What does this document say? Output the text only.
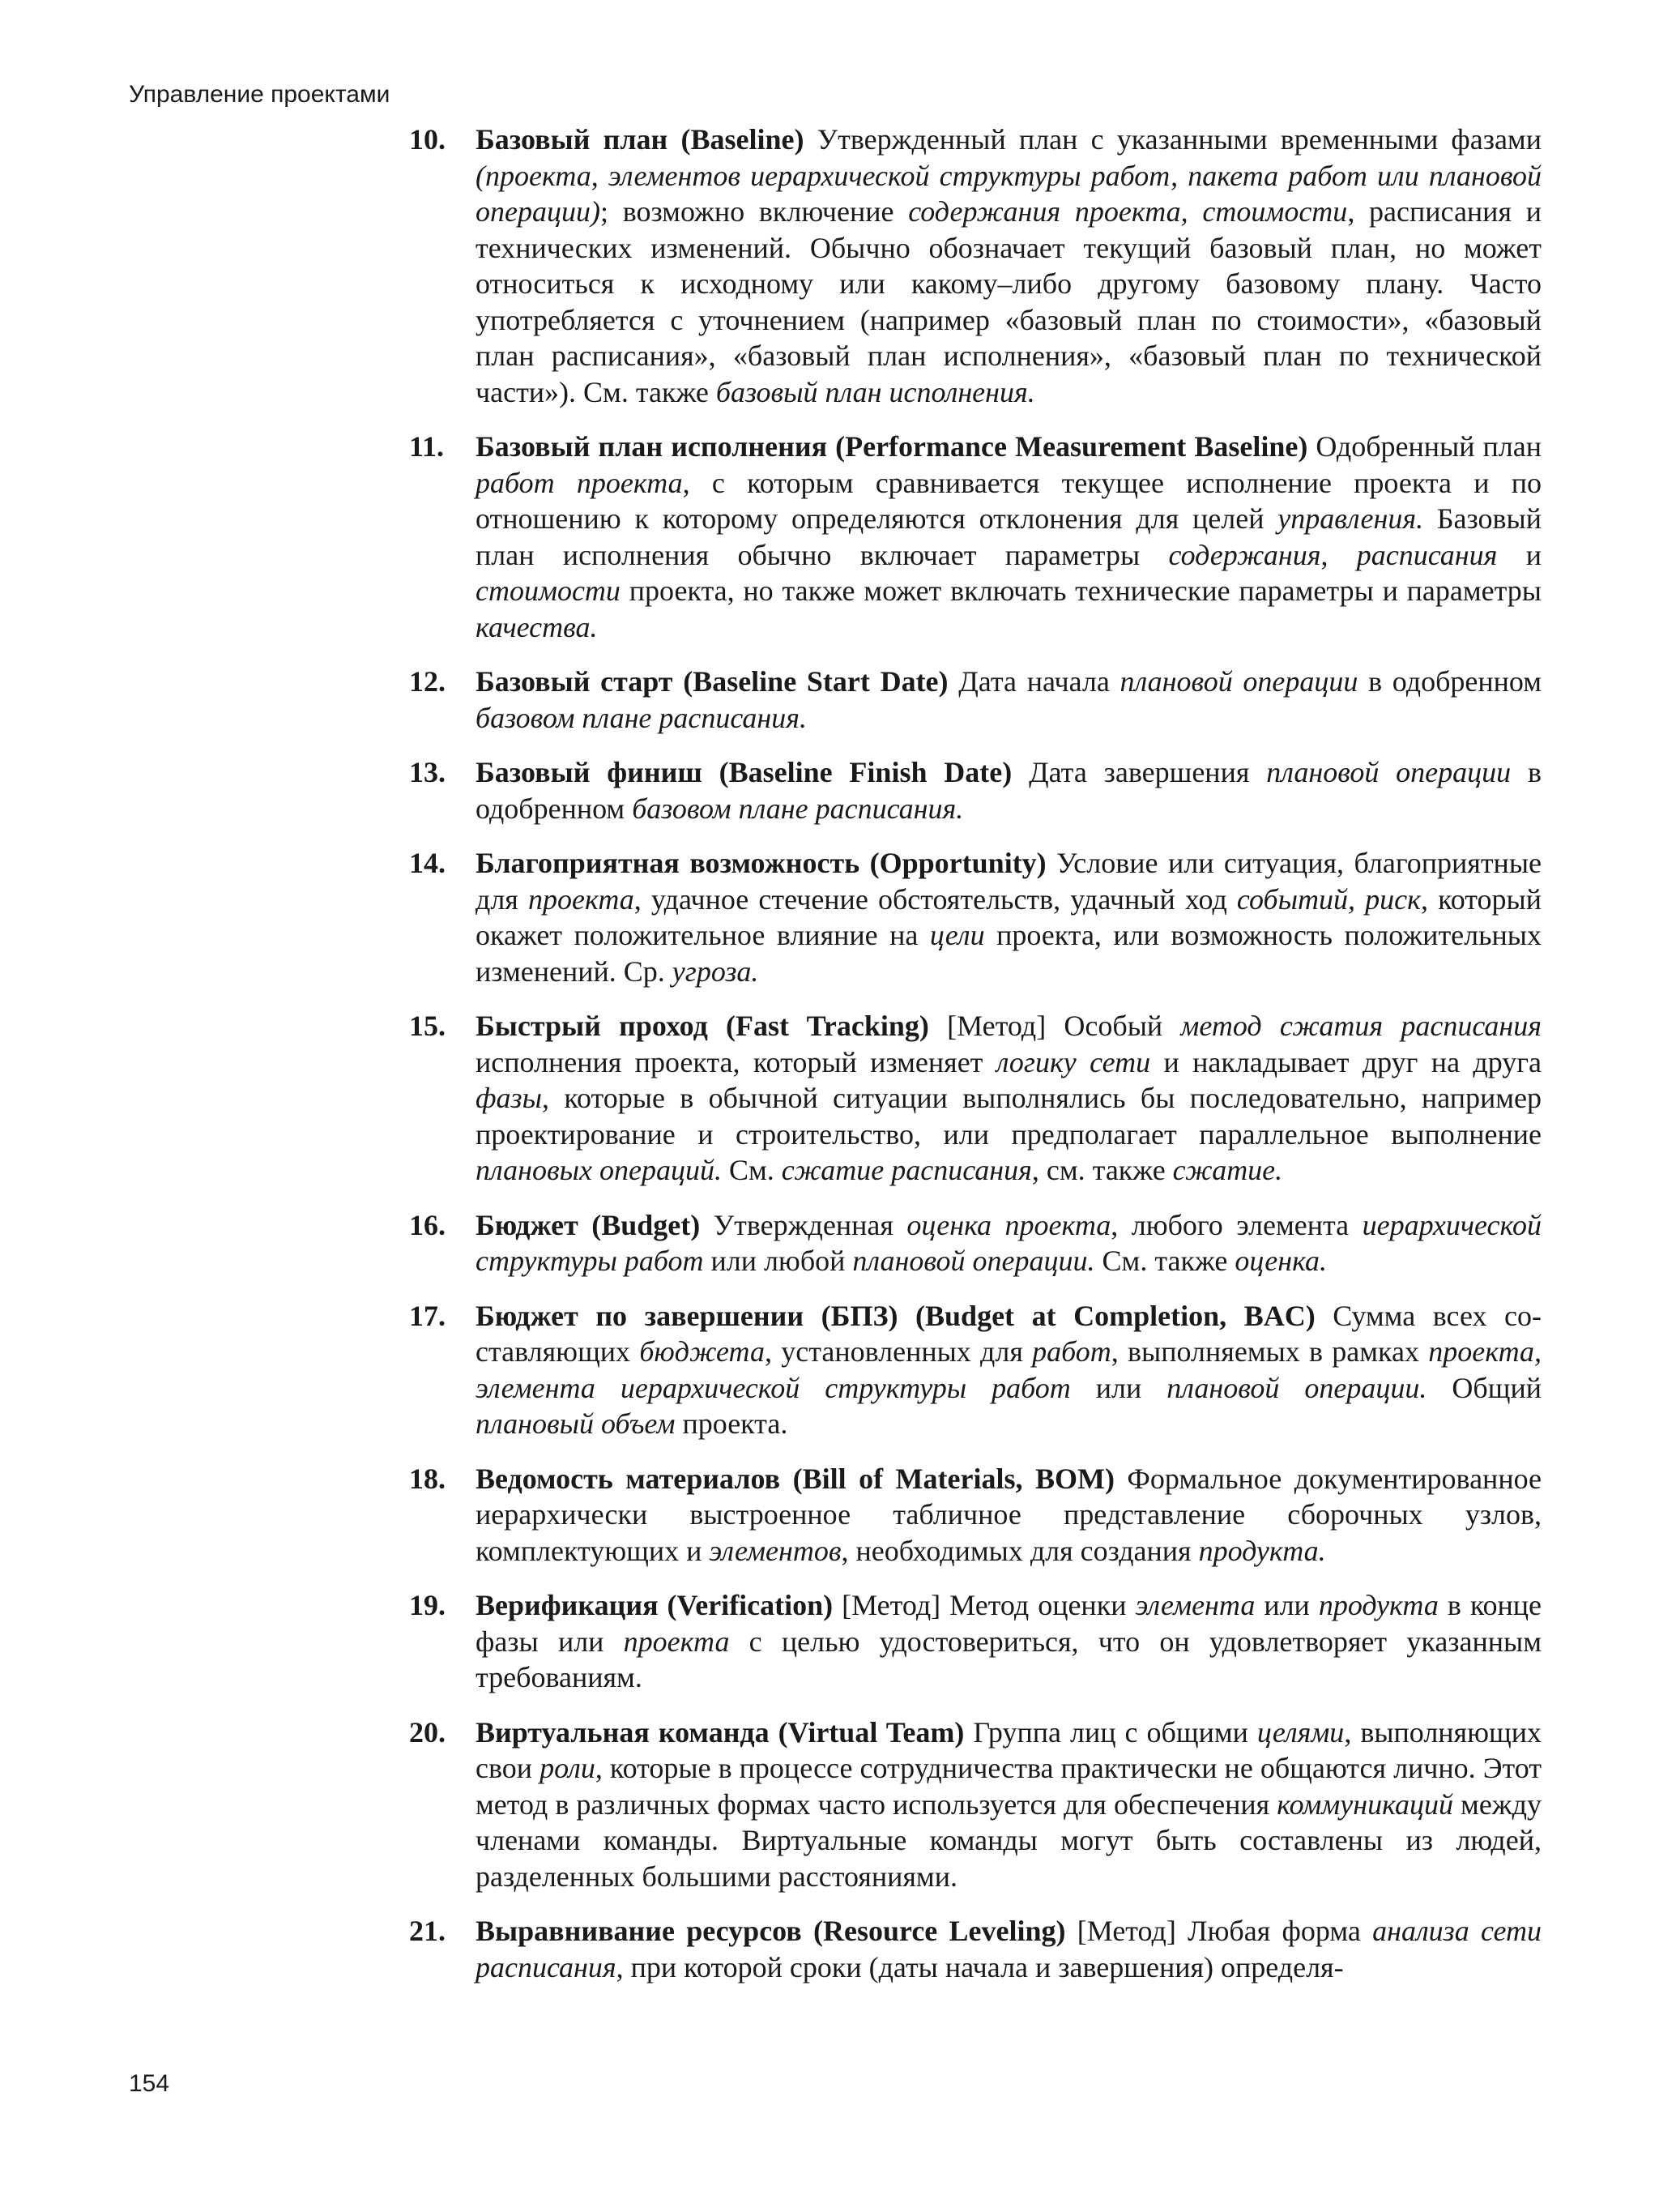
Управление проектами
10.	Базовый план (Baseline) Утвержденный план с указанными временными фазами (проекта, элементов иерархической структуры работ, пакета работ или плановой операции); возможно включение содержания проекта, стоимости, расписания и технических изменений. Обычно обозначает текущий базовый план, но может относиться к исходному или какому–либо другому базовому плану. Часто употребляется с уточнением (например «базовый план по стоимости», «базовый план расписания», «базовый план исполнения», «базовый план по технической части»). См. также базовый план исполнения.
11.	Базовый план исполнения (Performance Measurement Baseline) Одобренный план работ проекта, с которым сравнивается текущее исполнение проекта и по отношению к которому определяются отклонения для целей управления. Базовый план исполнения обычно включает параметры содержания, расписания и стоимости проекта, но также может включать технические параметры и параметры качества.
12.	Базовый старт (Baseline Start Date) Дата начала плановой операции в одобренном базовом плане расписания.
13.	Базовый финиш (Baseline Finish Date) Дата завершения плановой операции в одобренном базовом плане расписания.
14.	Благоприятная возможность (Opportunity) Условие или ситуация, благоприятные для проекта, удачное стечение обстоятельств, удачный ход событий, риск, который окажет положительное влияние на цели проекта, или возможность положительных изменений. Ср. угроза.
15.	Быстрый проход (Fast Tracking) [Метод] Особый метод сжатия расписания исполнения проекта, который изменяет логику сети и накладывает друг на друга фазы, которые в обычной ситуации выполнялись бы последовательно, например проектирование и строительство, или предполагает параллельное выполнение плановых операций. См. сжатие расписания, см. также сжатие.
16.	Бюджет (Budget) Утвержденная оценка проекта, любого элемента иерархической структуры работ или любой плановой операции. См. также оценка.
17.	Бюджет по завершении (БПЗ) (Budget at Completion, BAC) Сумма всех составляющих бюджета, установленных для работ, выполняемых в рамках проекта, элемента иерархической структуры работ или плановой операции. Общий плановый объем проекта.
18.	Ведомость материалов (Bill of Materials, BOM) Формальное документированное иерархически выстроенное табличное представление сборочных узлов, комплектующих и элементов, необходимых для создания продукта.
19.	Верификация (Verification) [Метод] Метод оценки элемента или продукта в конце фазы или проекта с целью удостовериться, что он удовлетворяет указанным требованиям.
20.	Виртуальная команда (Virtual Team) Группа лиц с общими целями, выполняющих свои роли, которые в процессе сотрудничества практически не общаются лично. Этот метод в различных формах часто используется для обеспечения коммуникаций между членами команды. Виртуальные команды могут быть составлены из людей, разделенных большими расстояниями.
21.	Выравнивание ресурсов (Resource Leveling) [Метод] Любая форма анализа сети расписания, при которой сроки (даты начала и завершения) определя-
154
